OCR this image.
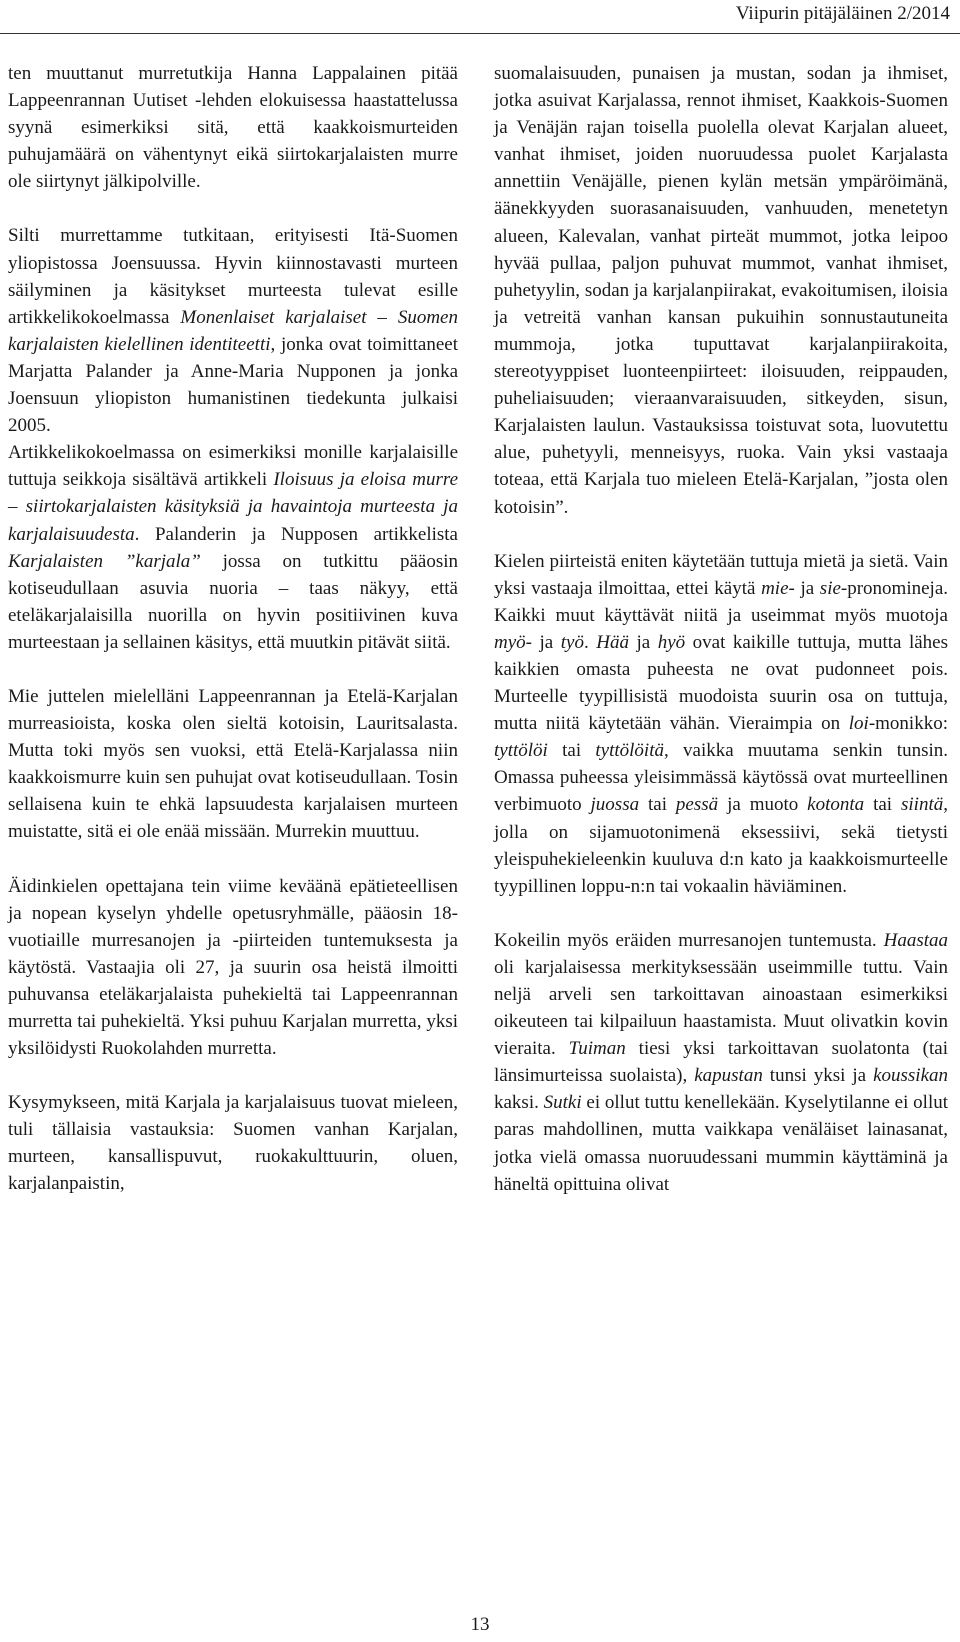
Viipurin pitäjäläinen 2/2014

ten muuttanut murretutkija Hanna Lappalainen pitää Lappeenrannan Uutiset -lehden elokuisessa haastattelussa syynä esimerkiksi sitä, että kaakkoismurteiden puhujamäärä on vähentynyt eikä siirtokarjalaisten murre ole siirtynyt jälkipolville.

Silti murrettamme tutkitaan, erityisesti Itä-Suomen yliopistossa Joensuussa. Hyvin kiinnostavasti murteen säilyminen ja käsitykset murteesta tulevat esille artikkelikokoelmassa Monenlaiset karjalaiset – Suomen karjalaisten kielellinen identiteetti, jonka ovat toimittaneet Marjatta Palander ja Anne-Maria Nupponen ja jonka Joensuun yliopiston humanistinen tiedekunta julkaisi 2005.

Artikkelikokoelmassa on esimerkiksi monille karjalaisille tuttuja seikkoja sisältävä artikkeli Iloisuus ja eloisa murre – siirtokarjalaisten käsityksiä ja havaintoja murteesta ja karjalaisuudesta. Palanderin ja Nupposen artikkelista Karjalaisten ”karjala” jossa on tutkittu pääosin kotiseudullaan asuvia nuoria – taas näkyy, että eteläkarjalaisilla nuorilla on hyvin positiivinen kuva murteestaan ja sellainen käsitys, että muutkin pitävät siitä.

Mie juttelen mielelläni Lappeenrannan ja Etelä-Karjalan murreasioista, koska olen sieltä kotoisin, Lauritsalasta. Mutta toki myös sen vuoksi, että Etelä-Karjalassa niin kaakkoismurre kuin sen puhujat ovat kotiseudullaan. Tosin sellaisena kuin te ehkä lapsuudesta karjalaisen murteen muistatte, sitä ei ole enää missään. Murrekin muuttuu.

Äidinkielen opettajana tein viime keväänä epätieteellisen ja nopean kyselyn yhdelle opetusryhmälle, pääosin 18-vuotiaille murresanojen ja -piirteiden tuntemuksesta ja käytöstä. Vastaajia oli 27, ja suurin osa heistä ilmoitti puhuvansa eteläkarjalaista puhekieltä tai Lappeenrannan murretta tai puhekieltä. Yksi puhuu Karjalan murretta, yksi yksilöidysti Ruokolahden murretta.

Kysymykseen, mitä Karjala ja karjalaisuus tuovat mieleen, tuli tällaisia vastauksia: Suomen vanhan Karjalan, murteen, kansallispuvut, ruokakulttuurin, oluen, karjalanpaistin,

suomalaisuuden, punaisen ja mustan, sodan ja ihmiset, jotka asuivat Karjalassa, rennot ihmiset, Kaakkois-Suomen ja Venäjän rajan toisella puolella olevat Karjalan alueet, vanhat ihmiset, joiden nuoruudessa puolet Karjalasta annettiin Venäjälle, pienen kylän metsän ympäröimänä, äänekkyyden suorasanaisuuden, vanhuuden, menetetyn alueen, Kalevalan, vanhat pirteät mummot, jotka leipoo hyvää pullaa, paljon puhuvat mummot, vanhat ihmiset, puhetyylin, sodan ja karjalanpiirakat, evakoitumisen, iloisia ja vetreitä vanhan kansan pukuihin sonnustautuneita mummoja, jotka tuputtavat karjalanpiirakoita, stereotyyppiset luonteenpiirteet: iloisuuden, reippauden, puheliaisuuden; vieraanvaraisuuden, sitkeyden, sisun, Karjalaisten laulun. Vastauksissa toistuvat sota, luovutettu alue, puhetyyli, menneisyys, ruoka. Vain yksi vastaaja toteaa, että Karjala tuo mieleen Etelä-Karjalan, ”josta olen kotoisin”.

Kielen piirteistä eniten käytetään tuttuja mietä ja sietä. Vain yksi vastaaja ilmoittaa, ettei käytä mie- ja sie-pronomineja. Kaikki muut käyttävät niitä ja useimmat myös muotoja myö- ja työ. Hää ja hyö ovat kaikille tuttuja, mutta lähes kaikkien omasta puheesta ne ovat pudonneet pois. Murteelle tyypillisistä muodoista suurin osa on tuttuja, mutta niitä käytetään vähän. Vieraimpia on loi-monikko: tyttölöi tai tyttölöitä, vaikka muutama senkin tunsin. Omassa puheessa yleisimmässä käytössä ovat murteellinen verbimuoto juossa tai pessä ja muoto kotonta tai siintä, jolla on sijamuotonimenä eksessiivi, sekä tietysti yleispuhekieleenkin kuuluva d:n kato ja kaakkoismurteelle tyypillinen loppu-n:n tai vokaalin häviäminen.

Kokeilin myös eräiden murresanojen tuntemusta. Haastaa oli karjalaisessa merkityksessään useimmille tuttu. Vain neljä arveli sen tarkoittavan ainoastaan esimerkiksi oikeuteen tai kilpailuun haastamista. Muut olivatkin kovin vieraita. Tuiman tiesi yksi tarkoittavan suolatonta (tai länsimurteissa suolaista), kapustan tunsi yksi ja koussikan kaksi. Sutki ei ollut tuttu kenellekään. Kyselytilanne ei ollut paras mahdollinen, mutta vaikkapa venäläiset lainasanat, jotka vielä omassa nuoruudessani mummin käyttäminä ja häneltä opittuina olivat

13
